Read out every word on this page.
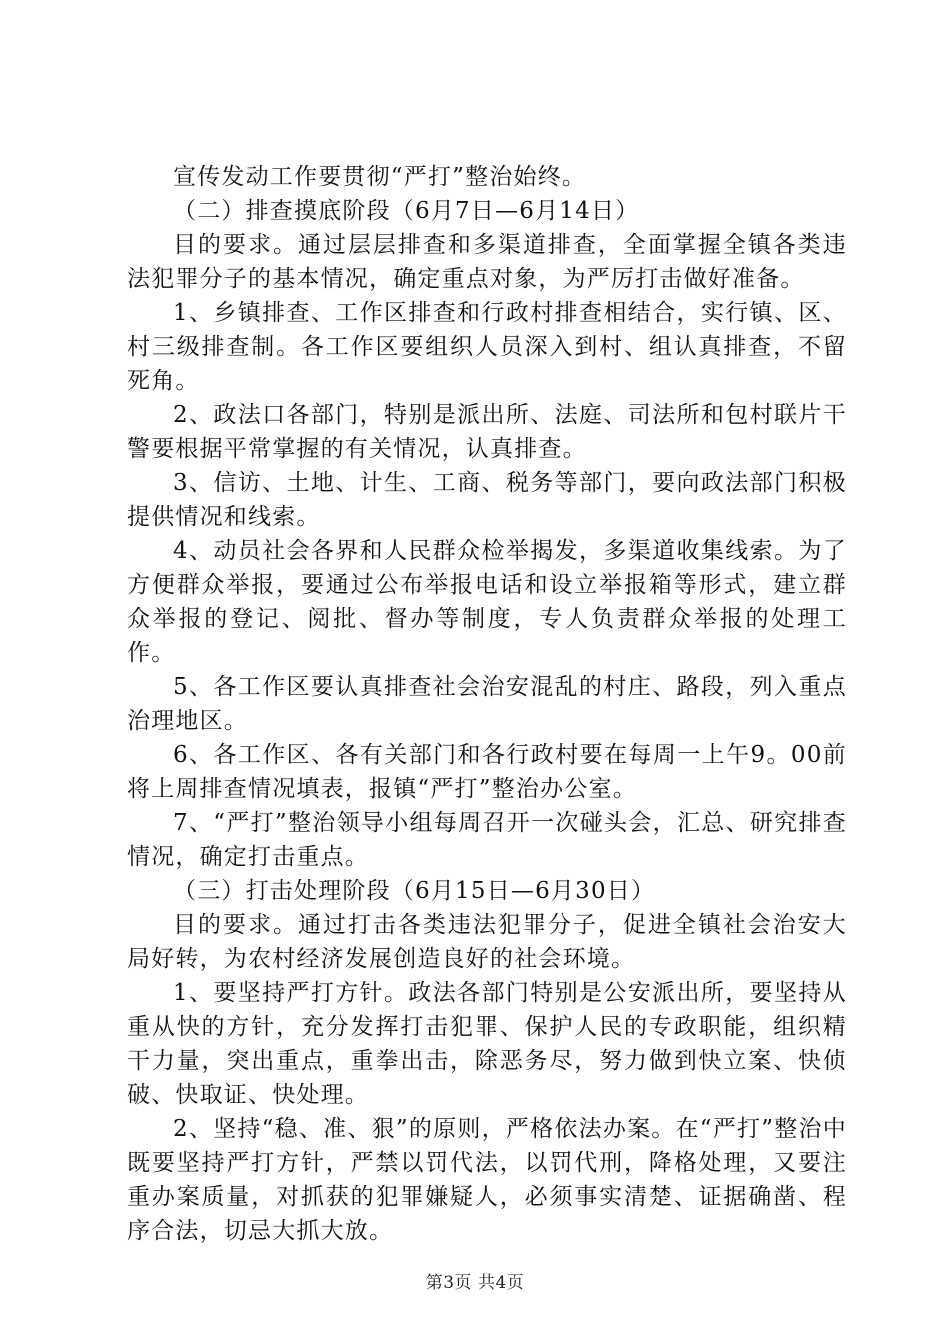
宣传发动工作要贯彻“严打”整治始终。

（二）排查摸底阶段（6月7日—6月14日）

目的要求。通过层层排查和多渠道排查，全面掌握全镇各类违法犯罪分子的基本情况，确定重点对象，为严厉打击做好准备。

1、乡镇排查、工作区排查和行政村排查相结合，实行镇、区、村三级排查制。各工作区要组织人员深入到村、组认真排查，不留死角。

2、政法口各部门，特别是派出所、法庭、司法所和包村联片干警要根据平常掌握的有关情况，认真排查。

3、信访、土地、计生、工商、税务等部门，要向政法部门积极提供情况和线索。

4、动员社会各界和人民群众检举揭发，多渠道收集线索。为了方便群众举报，要通过公布举报电话和设立举报箱等形式，建立群众举报的登记、阅批、督办等制度，专人负责群众举报的处理工作。

5、各工作区要认真排查社会治安混乱的村庄、路段，列入重点治理地区。

6、各工作区、各有关部门和各行政村要在每周一上午9。00前将上周排查情况填表，报镇“严打”整治办公室。

7、“严打”整治领导小组每周召开一次碰头会，汇总、研究排查情况，确定打击重点。

（三）打击处理阶段（6月15日—6月30日）

目的要求。通过打击各类违法犯罪分子，促进全镇社会治安大局好转，为农村经济发展创造良好的社会环境。

1、要坚持严打方针。政法各部门特别是公安派出所，要坚持从重从快的方针，充分发挥打击犯罪、保护人民的专政职能，组织精干力量，突出重点，重拳出击，除恶务尽，努力做到快立案、快侦破、快取证、快处理。

2、坚持“稳、准、狠”的原则，严格依法办案。在“严打”整治中既要坚持严打方针，严禁以罚代法，以罚代刑，降格处理，又要注重办案质量，对抓获的犯罪嫌疑人，必须事实清楚、证据确凿、程序合法，切忌大抓大放。

第3页 共4页
